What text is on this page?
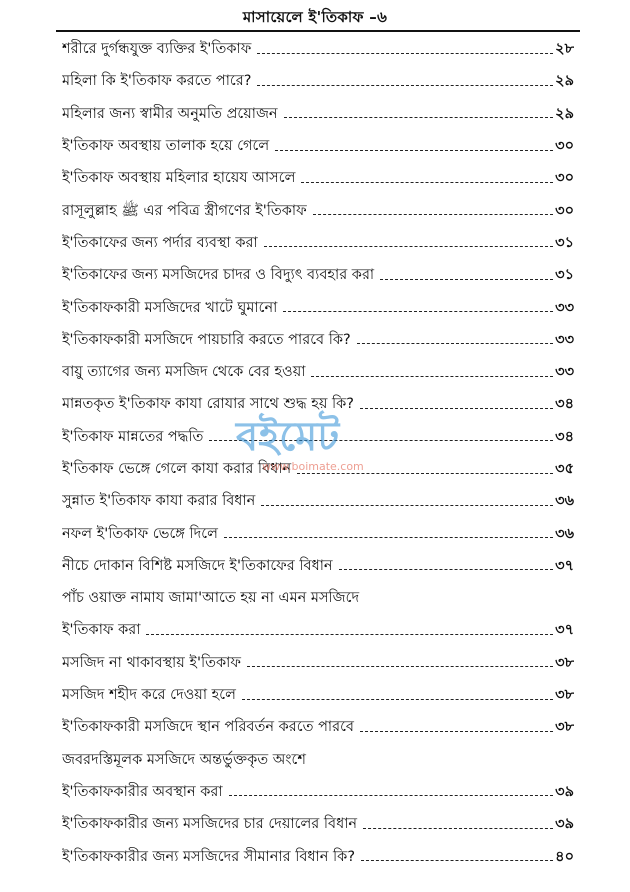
মাসায়েলে ই'তিকাফ –৬
শরীরে দুর্গন্ধযুক্ত ব্যক্তির ই'তিকাফ	২৮
মহিলা কি ই'তিকাফ করতে পারে?	২৯
মহিলার জন্য স্বামীর অনুমতি প্রয়োজন	২৯
ই'তিকাফ অবস্থায় তালাক হয়ে গেলে	৩০
ই'তিকাফ অবস্থায় মহিলার হায়েয আসলে	৩০
রাসূলুল্লাহ ﷺ এর পবিত্র স্ত্রীগণের ই'তিকাফ	৩০
ই'তিকাফের জন্য পর্দার ব্যবস্থা করা	৩১
ই'তিকাফের জন্য মসজিদের চাদর ও বিদ্যুৎ ব্যবহার করা	৩১
ই'তিকাফকারী মসজিদের খাটে ঘুমানো	৩৩
ই'তিকাফকারী মসজিদে পায়চারি করতে পারবে কি?	৩৩
বায়ু ত্যাগের জন্য মসজিদ থেকে বের হওয়া	৩৩
মান্নতকৃত ই'তিকাফ কাযা রোযার সাথে শুদ্ধ হয় কি?	৩৪
ই'তিকাফ মান্নতের পদ্ধতি	৩৪
ই'তিকাফ ভেঙ্গে গেলে কাযা করার বিধান	৩৫
সুন্নাত ই'তিকাফ কাযা করার বিধান	৩৬
নফল ই'তিকাফ ভেঙ্গে দিলে	৩৬
নীচে দোকান বিশিষ্ট মসজিদে ই'তিকাফের বিধান	৩৭
পাঁচ ওয়াক্ত নামায জামা'আতে হয় না এমন মসজিদে
ই'তিকাফ করা	৩৭
মসজিদ না থাকাবস্থায় ই'তিকাফ	৩৮
মসজিদ শহীদ করে দেওয়া হলে	৩৮
ই'তিকাফকারী মসজিদে স্থান পরিবর্তন করতে পারবে	৩৮
জবরদস্তিমূলক মসজিদে অন্তর্ভুক্তকৃত অংশে
ই'তিকাফকারীর অবস্থান করা	৩৯
ই'তিকাফকারীর জন্য মসজিদের চার দেয়ালের বিধান	৩৯
ই'তিকাফকারীর জন্য মসজিদের সীমানার বিধান কি?	৪০
বইমেট
www.boimate.com
